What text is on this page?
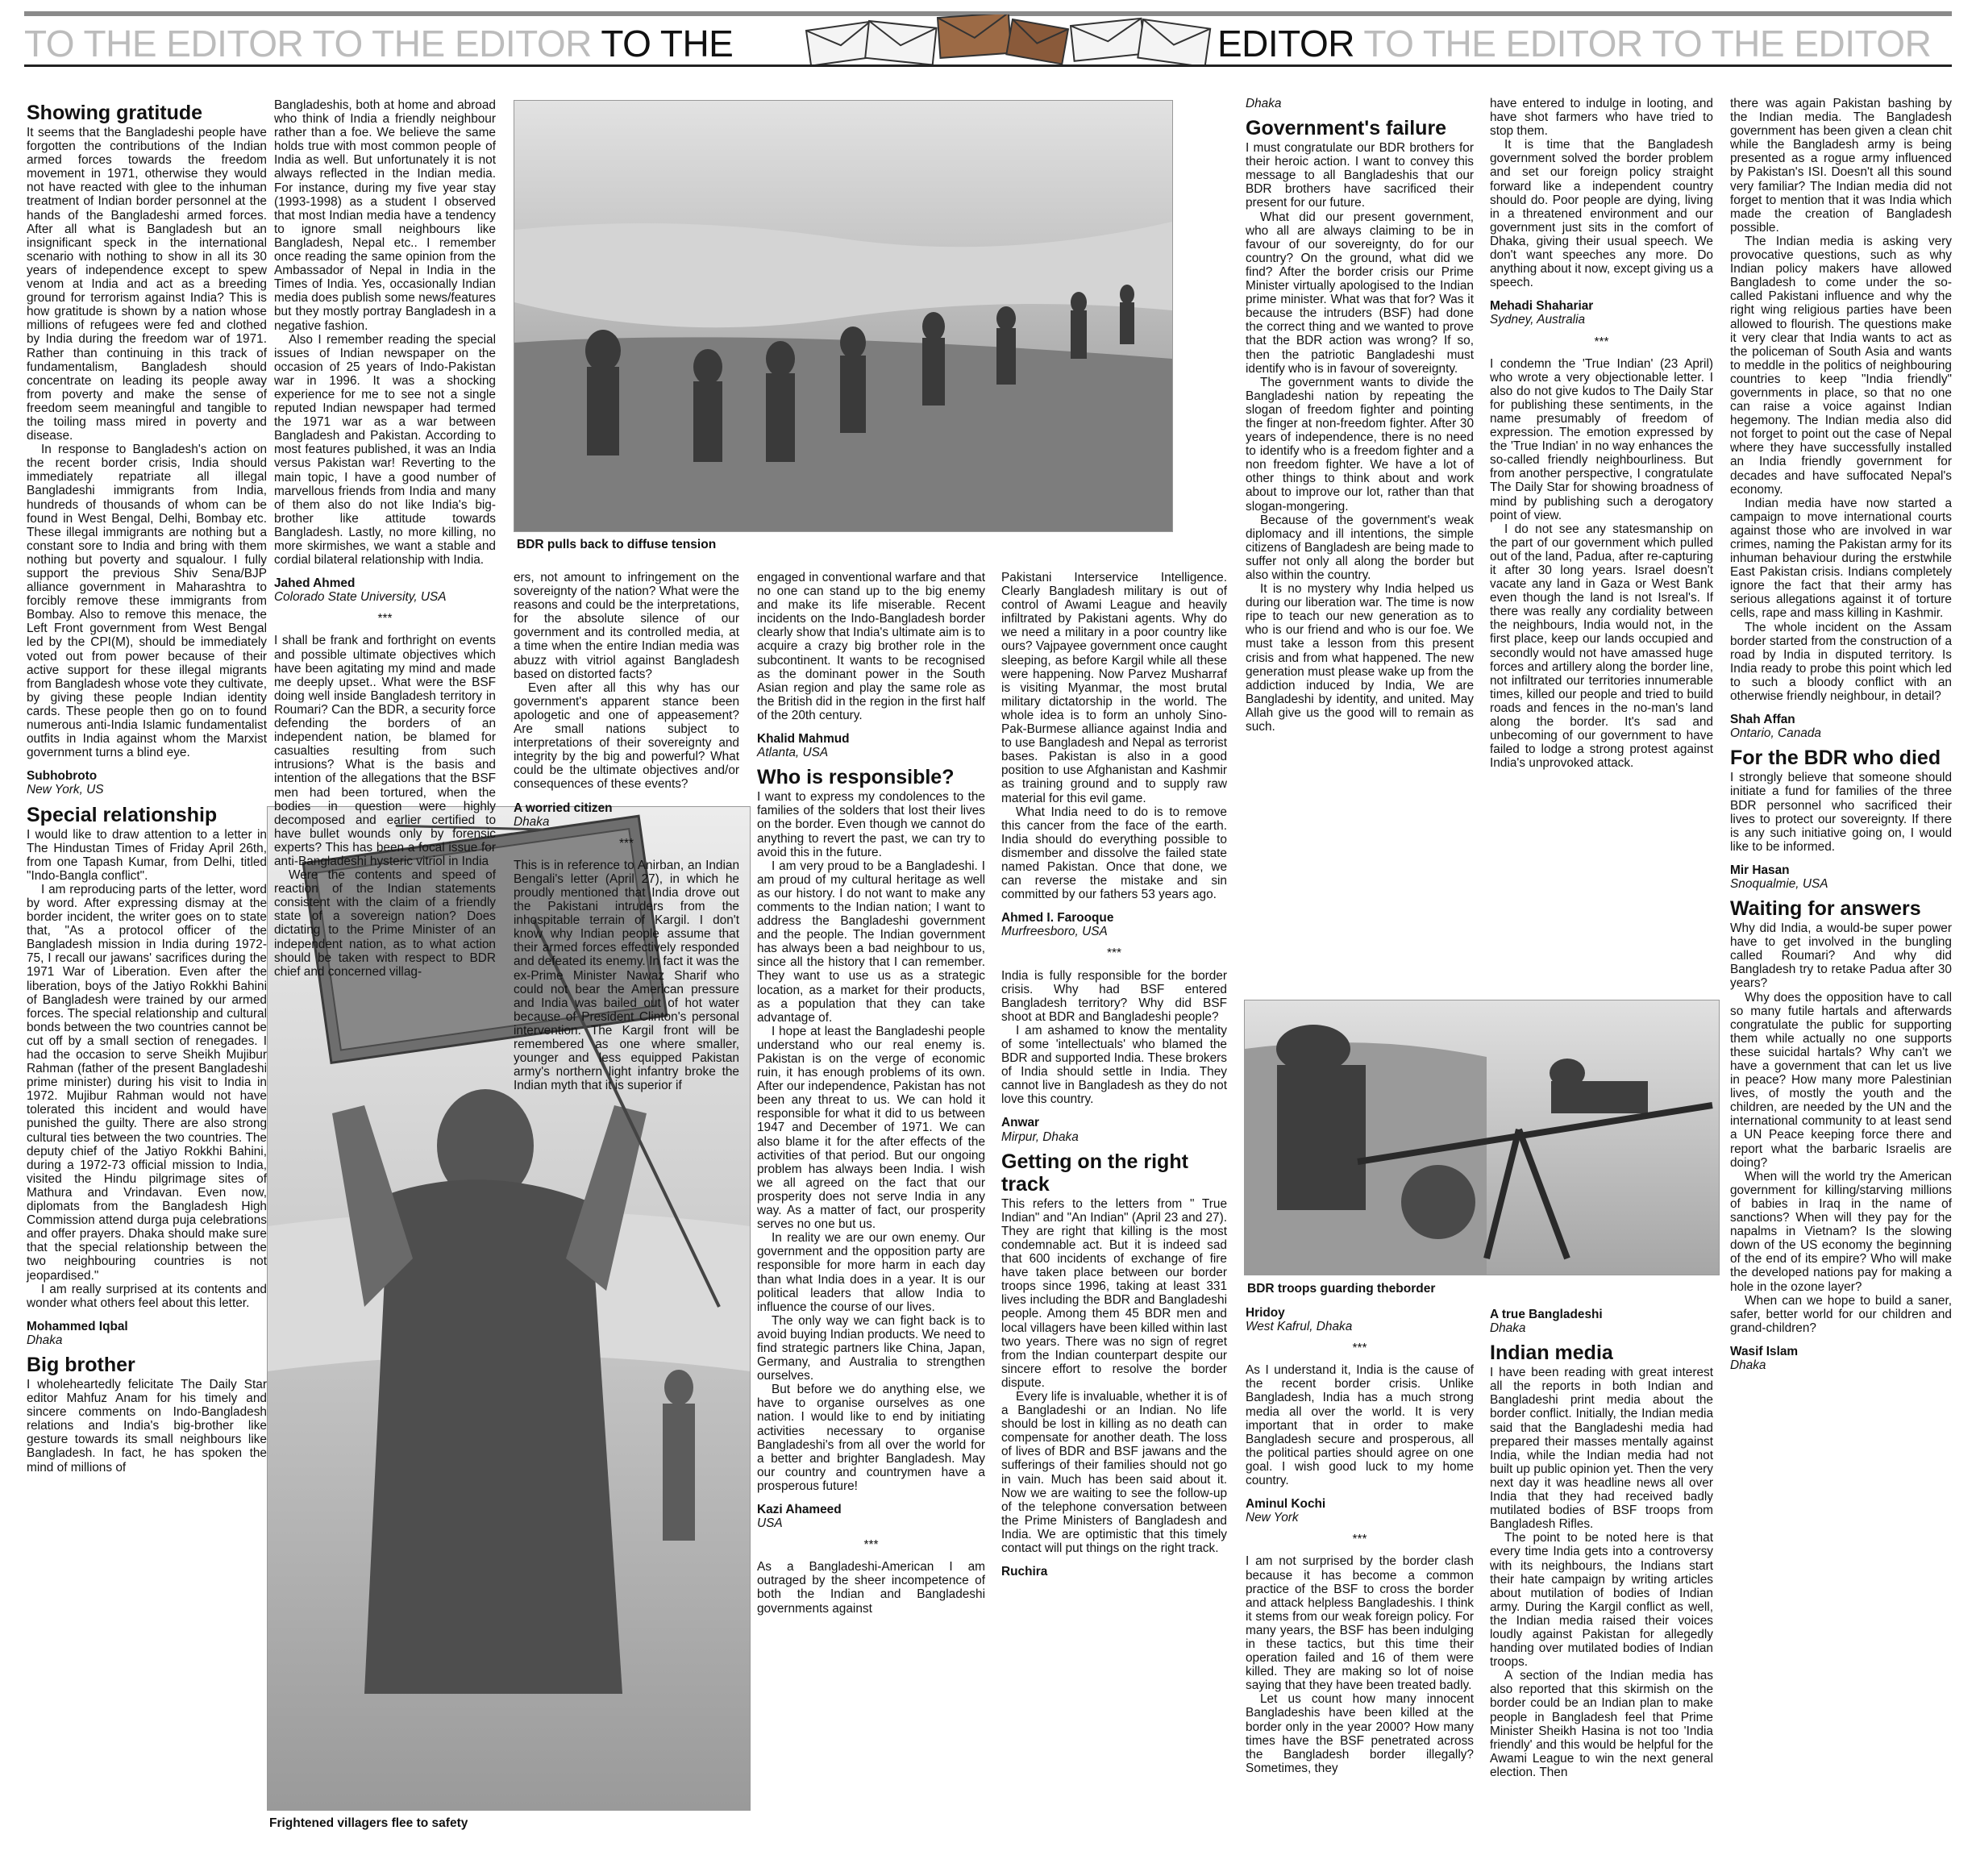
TO THE EDITOR TO THE EDITOR TO THE	EDITOR TO THE EDITOR TO THE EDITOR
BDR pulls back to diffuse tension
Frightened villagers flee to safety
BDR troops guarding theborder
Showing gratitude

It seems that the Bangladeshi people have forgotten the contributions of the Indian armed forces towards the freedom movement in 1971, otherwise they would not have reacted with glee to the inhuman treatment of Indian border personnel at the hands of the Bangladeshi armed forces. After all what is Bangladesh but an insignificant speck in the international scenario with nothing to show in all its 30 years of independence except to spew venom at India and act as a breeding ground for terrorism against India? This is how gratitude is shown by a nation whose millions of refugees were fed and clothed by India during the freedom war of 1971. Rather than continuing in this track of fundamentalism, Bangladesh should concentrate on leading its people away from poverty and make the sense of freedom seem meaningful and tangible to the toiling mass mired in poverty and disease.

In response to Bangladesh's action on the recent border crisis, India should immediately repatriate all illegal Bangladeshi immigrants from India, hundreds of thousands of whom can be found in West Bengal, Delhi, Bombay etc. These illegal immigrants are nothing but a constant sore to India and bring with them nothing but poverty and squalour. I fully support the previous Shiv Sena/BJP alliance government in Maharashtra to forcibly remove these immigrants from Bombay. Also to remove this menace, the Left Front government from West Bengal led by the CPI(M), should be immediately voted out from power because of their active support for these illegal migrants from Bangladesh whose vote they cultivate, by giving these people Indian identity cards. These people then go on to found numerous anti-India Islamic fundamentalist outfits in India against whom the Marxist government turns a blind eye.

Subhobroto
New York, US
Special relationship

I would like to draw attention to a letter in The Hindustan Times of Friday April 26th, from one Tapash Kumar, from Delhi, titled "Indo-Bangla conflict".

I am reproducing parts of the letter, word by word. After expressing dismay at the border incident, the writer goes on to state that, "As a protocol officer of the Bangladesh mission in India during 1972-75, I recall our jawans' sacrifices during the 1971 War of Liberation. Even after the liberation, boys of the Jatiyo Rokkhi Bahini of Bangladesh were trained by our armed forces. The special relationship and cultural bonds between the two countries cannot be cut off by a small section of renegades. I had the occasion to serve Sheikh Mujibur Rahman (father of the present Bangladeshi prime minister) during his visit to India in 1972. Mujibur Rahman would not have tolerated this incident and would have punished the guilty. There are also strong cultural ties between the two countries. The deputy chief of the Jatiyo Rokkhi Bahini, during a 1972-73 official mission to India, visited the Hindu pilgrimage sites of Mathura and Vrindavan. Even now, diplomats from the Bangladesh High Commission attend durga puja celebrations and offer prayers. Dhaka should make sure that the special relationship between the two neighbouring countries is not jeopardised."

I am really surprised at its contents and wonder what others feel about this letter.

Mohammed Iqbal
Dhaka
Big brother

I wholeheartedly felicitate The Daily Star editor Mahfuz Anam for his timely and sincere comments on Indo-Bangladesh relations and India's big-brother like gesture towards its small neighbours like Bangladesh. In fact, he has spoken the mind of millions of

Bangladeshis, both at home and abroad who think of India a friendly neighbour rather than a foe. We believe the same holds true with most common people of India as well. But unfortunately it is not always reflected in the Indian media. For instance, during my five year stay (1993-1998) as a student I observed that most Indian media have a tendency to ignore small neighbours like Bangladesh, Nepal etc.. I remember once reading the same opinion from the Ambassador of Nepal in India in the Times of India. Yes, occasionally Indian media does publish some news/features but they mostly portray Bangladesh in a negative fashion.

Also I remember reading the special issues of Indian newspaper on the occasion of 25 years of Indo-Pakistan war in 1996. It was a shocking experience for me to see not a single reputed Indian newspaper had termed the 1971 war as a war between Bangladesh and Pakistan. According to most features published, it was an India versus Pakistan war! Reverting to the main topic, I have a good number of marvellous friends from India and many of them also do not like India's big-brother like attitude towards Bangladesh. Lastly, no more killing, no more skirmishes, we want a stable and cordial bilateral relationship with India.

Jahed Ahmed
Colorado State University, USA
***

I shall be frank and forthright on events and possible ultimate objectives which have been agitating my mind and made me deeply upset.. What were the BSF doing well inside Bangladesh territory in Roumari? Can the BDR, a security force defending the borders of an independent nation, be blamed for casualties resulting from such intrusions? What is the basis and intention of the allegations that the BSF men had been tortured, when the bodies in question were highly decomposed and earlier certified to have bullet wounds only by forensic experts? This has been a focal issue for anti-Bangladeshi hysteric vitriol in India

Were the contents and speed of reaction of the Indian statements consistent with the claim of a friendly state of a sovereign nation? Does dictating to the Prime Minister of an independent nation, as to what action should be taken with respect to BDR chief and concerned villag-

ers, not amount to infringement on the sovereignty of the nation? What were the reasons and could be the interpretations, for the absolute silence of our government and its controlled media, at a time when the entire Indian media was abuzz with vitriol against Bangladesh based on distorted facts?

Even after all this why has our government's apparent stance been apologetic and one of appeasement? Are small nations subject to interpretations of their sovereignty and integrity by the big and powerful? What could be the ultimate objectives and/or consequences of these events?

A worried citizen
Dhaka
***

This is in reference to Anirban, an Indian Bengali's letter (April 27), in which he proudly mentioned that India drove out the Pakistani intruders from the inhospitable terrain of Kargil. I don't know why Indian people assume that their armed forces effectively responded and defeated its enemy. In fact it was the ex-Prime Minister Nawaz Sharif who could not bear the American pressure and India was bailed out of hot water because of President Clinton's personal intervention. The Kargil front will be remembered as one where smaller, younger and less equipped Pakistan army's northern light infantry broke the Indian myth that it is superior if

engaged in conventional warfare and that no one can stand up to the big enemy and make its life miserable. Recent incidents on the Indo-Bangladesh border clearly show that India's ultimate aim is to acquire a crazy big brother role in the subcontinent. It wants to be recognised as the dominant power in the South Asian region and play the same role as the British did in the region in the first half of the 20th century.

Khalid Mahmud
Atlanta, USA
Who is responsible?

I want to express my condolences to the families of the solders that lost their lives on the border. Even though we cannot do anything to revert the past, we can try to avoid this in the future.

I am very proud to be a Bangladeshi. I am proud of my cultural heritage as well as our history. I do not want to make any comments to the Indian nation; I want to address the Bangladeshi government and the people. The Indian government has always been a bad neighbour to us, since all the history that I can remember. They want to use us as a strategic location, as a market for their products, as a population that they can take advantage of.

I hope at least the Bangladeshi people understand who our real enemy is. Pakistan is on the verge of economic ruin, it has enough problems of its own. After our independence, Pakistan has not been any threat to us. We can hold it responsible for what it did to us between 1947 and December of 1971. We can also blame it for the after effects of the activities of that period. But our ongoing problem has always been India. I wish we all agreed on the fact that our prosperity does not serve India in any way. As a matter of fact, our prosperity serves no one but us.

In reality we are our own enemy. Our government and the opposition party are responsible for more harm in each day than what India does in a year. It is our political leaders that allow India to influence the course of our lives.

The only way we can fight back is to avoid buying Indian products. We need to find strategic partners like China, Japan, Germany, and Australia to strengthen ourselves.

But before we do anything else, we have to organise ourselves as one nation. I would like to end by initiating activities necessary to organise Bangladeshi's from all over the world for a better and brighter Bangladesh. May our country and countrymen have a prosperous future!

Kazi Ahameed
USA
***

As a Bangladeshi-American I am outraged by the sheer incompetence of both the Indian and Bangladeshi governments against

Pakistani Interservice Intelligence. Clearly Bangladesh military is out of control of Awami League and heavily infiltrated by Pakistani agents. Why do we need a military in a poor country like ours? Vajpayee government once caught sleeping, as before Kargil while all these were happening. Now Parvez Musharraf is visiting Myanmar, the most brutal military dictatorship in the world. The whole idea is to form an unholy Sino-Pak-Burmese alliance against India and to use Bangladesh and Nepal as terrorist bases. Pakistan is also in a good position to use Afghanistan and Kashmir as training ground and to supply raw material for this evil game.

What India need to do is to remove this cancer from the face of the earth. India should do everything possible to dismember and dissolve the failed state named Pakistan. Once that done, we can reverse the mistake and sin committed by our fathers 53 years ago.

Ahmed I. Farooque
Murfreesboro, USA
***

India is fully responsible for the border crisis. Why had BSF entered Bangladesh territory? Why did BSF shoot at BDR and Bangladeshi people?

I am ashamed to know the mentality of some 'intellectuals' who blamed the BDR and supported India. These brokers of India should settle in India. They cannot live in Bangladesh as they do not love this country.

Anwar
Mirpur, Dhaka
Getting on the right track

This refers to the letters from " True Indian" and "An Indian" (April 23 and 27). They are right that killing is the most condemnable act. But it is indeed sad that 600 incidents of exchange of fire have taken place between our border troops since 1996, taking at least 331 lives including the BDR and Bangladeshi people. Among them 45 BDR men and local villagers have been killed within last two years. There was no sign of regret from the Indian counterpart despite our sincere effort to resolve the border dispute.

Every life is invaluable, whether it is of a Bangladeshi or an Indian. No life should be lost in killing as no death can compensate for another death. The loss of lives of BDR and BSF jawans and the sufferings of their families should not go in vain. Much has been said about it. Now we are waiting to see the follow-up of the telephone conversation between the Prime Ministers of Bangladesh and India. We are optimistic that this timely contact will put things on the right track.

Ruchira
Dhaka
Government's failure

I must congratulate our BDR brothers for their heroic action. I want to convey this message to all Bangladeshis that our BDR brothers have sacrificed their present for our future.

What did our present government, who all are always claiming to be in favour of our sovereignty, do for our country? On the ground, what did we find? After the border crisis our Prime Minister virtually apologised to the Indian prime minister. What was that for? Was it because the intruders (BSF) had done the correct thing and we wanted to prove that the BDR action was wrong? If so, then the patriotic Bangladeshi must identify who is in favour of sovereignty.

The government wants to divide the Bangladeshi nation by repeating the slogan of freedom fighter and pointing the finger at non-freedom fighter. After 30 years of independence, there is no need to identify who is a freedom fighter and a non freedom fighter. We have a lot of other things to think about and work about to improve our lot, rather than that slogan-mongering.

Because of the government's weak diplomacy and ill intentions, the simple citizens of Bangladesh are being made to suffer not only all along the border but also within the country.

It is no mystery why India helped us during our liberation war. The time is now ripe to teach our new generation as to who is our friend and who is our foe. We must take a lesson from this present crisis and from what happened. The new generation must please wake up from the addiction induced by India, We are Bangladeshi by identity, and united. May Allah give us the good will to remain as such.

Hridoy
West Kafrul, Dhaka
***

As I understand it, India is the cause of the recent border crisis. Unlike Bangladesh, India has a much strong media all over the world. It is very important that in order to make Bangladesh secure and prosperous, all the political parties should agree on one goal. I wish good luck to my home country.

Aminul Kochi
New York
***

I am not surprised by the border clash because it has become a common practice of the BSF to cross the border and attack helpless Bangladeshis. I think it stems from our weak foreign policy. For many years, the BSF has been indulging in these tactics, but this time their operation failed and 16 of them were killed. They are making so lot of noise saying that they have been treated badly.

Let us count how many innocent Bangladeshis have been killed at the border only in the year 2000? How many times have the BSF penetrated across the Bangladesh border illegally? Sometimes, they

have entered to indulge in looting, and have shot farmers who have tried to stop them.

It is time that the Bangladesh government solved the border problem and set our foreign policy straight forward like a independent country should do. Poor people are dying, living in a threatened environment and our government just sits in the comfort of Dhaka, giving their usual speech. We don't want speeches any more. Do anything about it now, except giving us a speech.

Mehadi Shahariar
Sydney, Australia
***

I condemn the 'True Indian' (23 April) who wrote a very objectionable letter. I also do not give kudos to The Daily Star for publishing these sentiments, in the name presumably of freedom of expression. The emotion expressed by the 'True Indian' in no way enhances the so-called friendly neighbourliness. But from another perspective, I congratulate The Daily Star for showing broadness of mind by publishing such a derogatory point of view.

I do not see any statesmanship on the part of our government which pulled out of the land, Padua, after re-capturing it after 30 long years. Israel doesn't vacate any land in Gaza or West Bank even though the land is not Isreal's. If there was really any cordiality between the neighbours, India would not, in the first place, keep our lands occupied and secondly would not have amassed huge forces and artillery along the border line, not infiltrated our territories innumerable times, killed our people and tried to build roads and fences in the no-man's land along the border. It's sad and unbecoming of our government to have failed to lodge a strong protest against India's unprovoked attack.

A true Bangladeshi
Dhaka
Indian media

I have been reading with great interest all the reports in both Indian and Bangladeshi print media about the border conflict. Initially, the Indian media said that the Bangladeshi media had prepared their masses mentally against India, while the Indian media had not built up public opinion yet. Then the very next day it was headline news all over India that they had received badly mutilated bodies of BSF troops from Bangladesh Rifles.

The point to be noted here is that every time India gets into a controversy with its neighbours, the Indians start their hate campaign by writing articles about mutilation of bodies of Indian army. During the Kargil conflict as well, the Indian media raised their voices loudly against Pakistan for allegedly handing over mutilated bodies of Indian troops.

A section of the Indian media has also reported that this skirmish on the border could be an Indian plan to make people in Bangladesh feel that Prime Minister Sheikh Hasina is not too 'India friendly' and this would be helpful for the Awami League to win the next general election. Then

there was again Pakistan bashing by the Indian media. The Bangladesh government has been given a clean chit while the Bangladesh army is being presented as a rogue army influenced by Pakistan's ISI. Doesn't all this sound very familiar? The Indian media did not forget to mention that it was India which made the creation of Bangladesh possible.

The Indian media is asking very provocative questions, such as why Indian policy makers have allowed Bangladesh to come under the so-called Pakistani influence and why the right wing religious parties have been allowed to flourish. The questions make it very clear that India wants to act as the policeman of South Asia and wants to meddle in the politics of neighbouring countries to keep "India friendly" governments in place, so that no one can raise a voice against Indian hegemony. The Indian media also did not forget to point out the case of Nepal where they have successfully installed an India friendly government for decades and have suffocated Nepal's economy.

Indian media have now started a campaign to move international courts against those who are involved in war crimes, naming the Pakistan army for its inhuman behaviour during the erstwhile East Pakistan crisis. Indians completely ignore the fact that their army has serious allegations against it of torture cells, rape and mass killing in Kashmir.

The whole incident on the Assam border started from the construction of a road by India in disputed territory. Is India ready to probe this point which led to such a bloody conflict with an otherwise friendly neighbour, in detail?

Shah Affan
Ontario, Canada
For the BDR who died

I strongly believe that someone should initiate a fund for families of the three BDR personnel who sacrificed their lives to protect our sovereignty. If there is any such initiative going on, I would like to be informed.

Mir Hasan
Snoqualmie, USA
Waiting for answers

Why did India, a would-be super power have to get involved in the bungling called Roumari? And why did Bangladesh try to retake Padua after 30 years?

Why does the opposition have to call so many futile hartals and afterwards congratulate the public for supporting them while actually no one supports these suicidal hartals? Why can't we have a government that can let us live in peace? How many more Palestinian lives, of mostly the youth and the children, are needed by the UN and the international community to at least send a UN Peace keeping force there and report what the barbaric Israelis are doing?

When will the world try the American government for killing/starving millions of babies in Iraq in the name of sanctions? When will they pay for the napalms in Vietnam? Is the slowing down of the US economy the beginning of the end of its empire? Who will make the developed nations pay for making a hole in the ozone layer?

When can we hope to build a saner, safer, better world for our children and grand-children?

Wasif Islam
Dhaka
